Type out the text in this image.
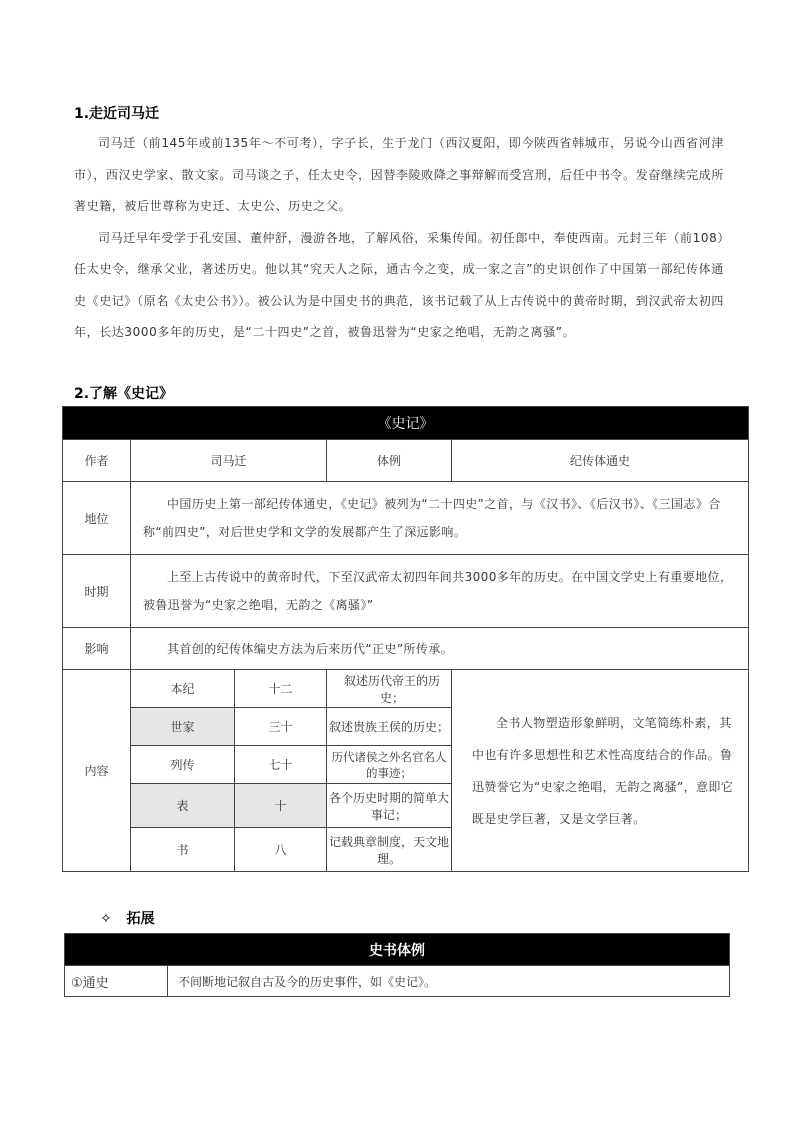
1.走近司马迁

司马迁（前145年或前135年～不可考），字子长，生于龙门（西汉夏阳，即今陕西省韩城市，另说今山西省河津市），西汉史学家、散文家。司马谈之子，任太史令，因替李陵败降之事辩解而受宫刑，后任中书令。发奋继续完成所著史籍，被后世尊称为史迁、太史公、历史之父。

司马迁早年受学于孔安国、董仲舒，漫游各地，了解风俗，采集传闻。初任郎中，奉使西南。元封三年（前108）任太史令，继承父业，著述历史。他以其“究天人之际，通古今之变，成一家之言”的史识创作了中国第一部纪传体通史《史记》（原名《太史公书》）。被公认为是中国史书的典范，该书记载了从上古传说中的黄帝时期，到汉武帝太初四年，长达3000多年的历史，是“二十四史”之首，被鲁迅誉为“史家之绝唱，无韵之离骚”。

2.了解《史记》
《史记》				
作者	司马迁		体例	纪传体通史
地位	中国历史上第一部纪传体通史，《史记》被列为“二十四史”之首，与《汉书》、《后汉书》、《三国志》合称“前四史”，对后世史学和文学的发展都产生了深远影响。			
时期	上至上古传说中的黄帝时代，下至汉武帝太初四年间共3000多年的历史。在中国文学史上有重要地位，被鲁迅誉为“史家之绝唱，无韵之《离骚》”			
影响	其首创的纪传体编史方法为后来历代“正史”所传承。			
内容	本纪	十二	叙述历代帝王的历史；	全书人物塑造形象鲜明，文笔简练朴素，其中也有许多思想性和艺术性高度结合的作品。鲁迅赞誉它为“史家之绝唱，无韵之离骚”，意即它既是史学巨著，又是文学巨著。
	世家	三十	叙述贵族王侯的历史；	
	列传	七十	历代诸侯之外名官名人的事迹；	
	表	十	各个历史时期的简单大事记；	
	书	八	记载典章制度，天文地理。	
✧ 拓展
史书体例
①通史	不间断地记叙自古及今的历史事件，如《史记》。
